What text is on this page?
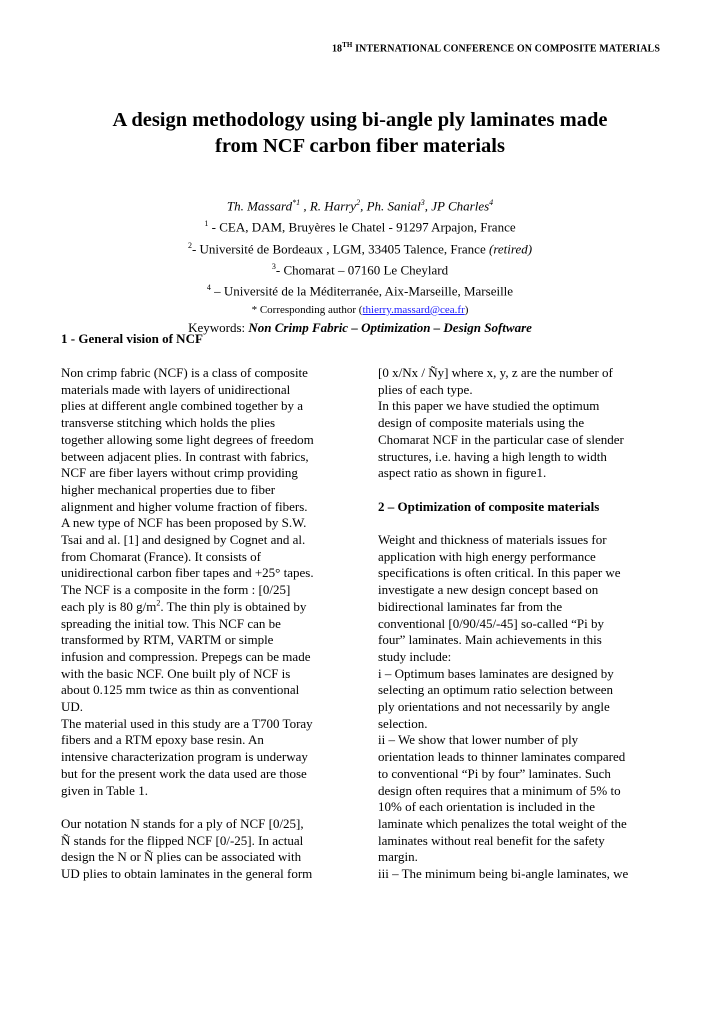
18TH INTERNATIONAL CONFERENCE ON COMPOSITE MATERIALS
A design methodology using bi-angle ply laminates made
from NCF carbon fiber materials
Th. Massard$^{*1}$ , R. Harry$^2$, Ph. Sanial$^3$, JP Charles$^4$
$^1$ - CEA, DAM, Bruyères le Chatel - 91297 Arpajon, France
$^2$- Université de Bordeaux , LGM, 33405 Talence, France (retired)
$^3$- Chomarat – 07160 Le Cheylard
$^4$ – Université de la Méditerranée, Aix-Marseille, Marseille
* Corresponding author (thierry.massard@cea.fr)
Keywords: Non Crimp Fabric – Optimization – Design Software
1 - General vision of NCF

Non crimp fabric (NCF) is a class of composite

materials made with layers of unidirectional

plies at different angle combined together by a

transverse stitching which holds the plies

together allowing some light degrees of freedom

between adjacent plies. In contrast with fabrics,

NCF are fiber layers without crimp providing

higher mechanical properties due to fiber

alignment and higher volume fraction of fibers.

A new type of NCF has been proposed by S.W.

Tsai and al. [1] and designed by Cognet and al.

from Chomarat (France). It consists of

unidirectional carbon fiber tapes and +25° tapes.

The NCF is a composite in the form : [0/25]

each ply is 80 $g/m^2$. The thin ply is obtained by

spreading the initial tow. This NCF can be

transformed by RTM, VARTM or simple

infusion and compression. Prepegs can be made

with the basic NCF. One built ply of NCF is

about 0.125 mm twice as thin as conventional

UD.

The material used in this study are a T700 Toray

fibers and a RTM epoxy base resin. An

intensive characterization program is underway

but for the present work the data used are those

given in Table 1.

Our notation N stands for a ply of NCF [0/25],

Ñ stands for the flipped NCF [0/-25]. In actual

design the N or Ñ plies can be associated with

UD plies to obtain laminates in the general form

[0 x/Nx / Ñy] where x, y, z are the number of

plies of each type.

In this paper we have studied the optimum

design of composite materials using the

Chomarat NCF in the particular case of slender

structures, i.e. having a high length to width

aspect ratio as shown in figure1.

2 – Optimization of composite materials

Weight and thickness of materials issues for

application with high energy performance

specifications is often critical. In this paper we

investigate a new design concept based on

bidirectional laminates far from the

conventional [0/90/45/-45] so-called “Pi by

four” laminates. Main achievements in this

study include:

i – Optimum bases laminates are designed by

selecting an optimum ratio selection between

ply orientations and not necessarily by angle

selection.

ii – We show that lower number of ply

orientation leads to thinner laminates compared

to conventional “Pi by four” laminates. Such

design often requires that a minimum of 5% to

10% of each orientation is included in the

laminate which penalizes the total weight of the

laminates without real benefit for the safety

margin.

iii – The minimum being bi-angle laminates, we
